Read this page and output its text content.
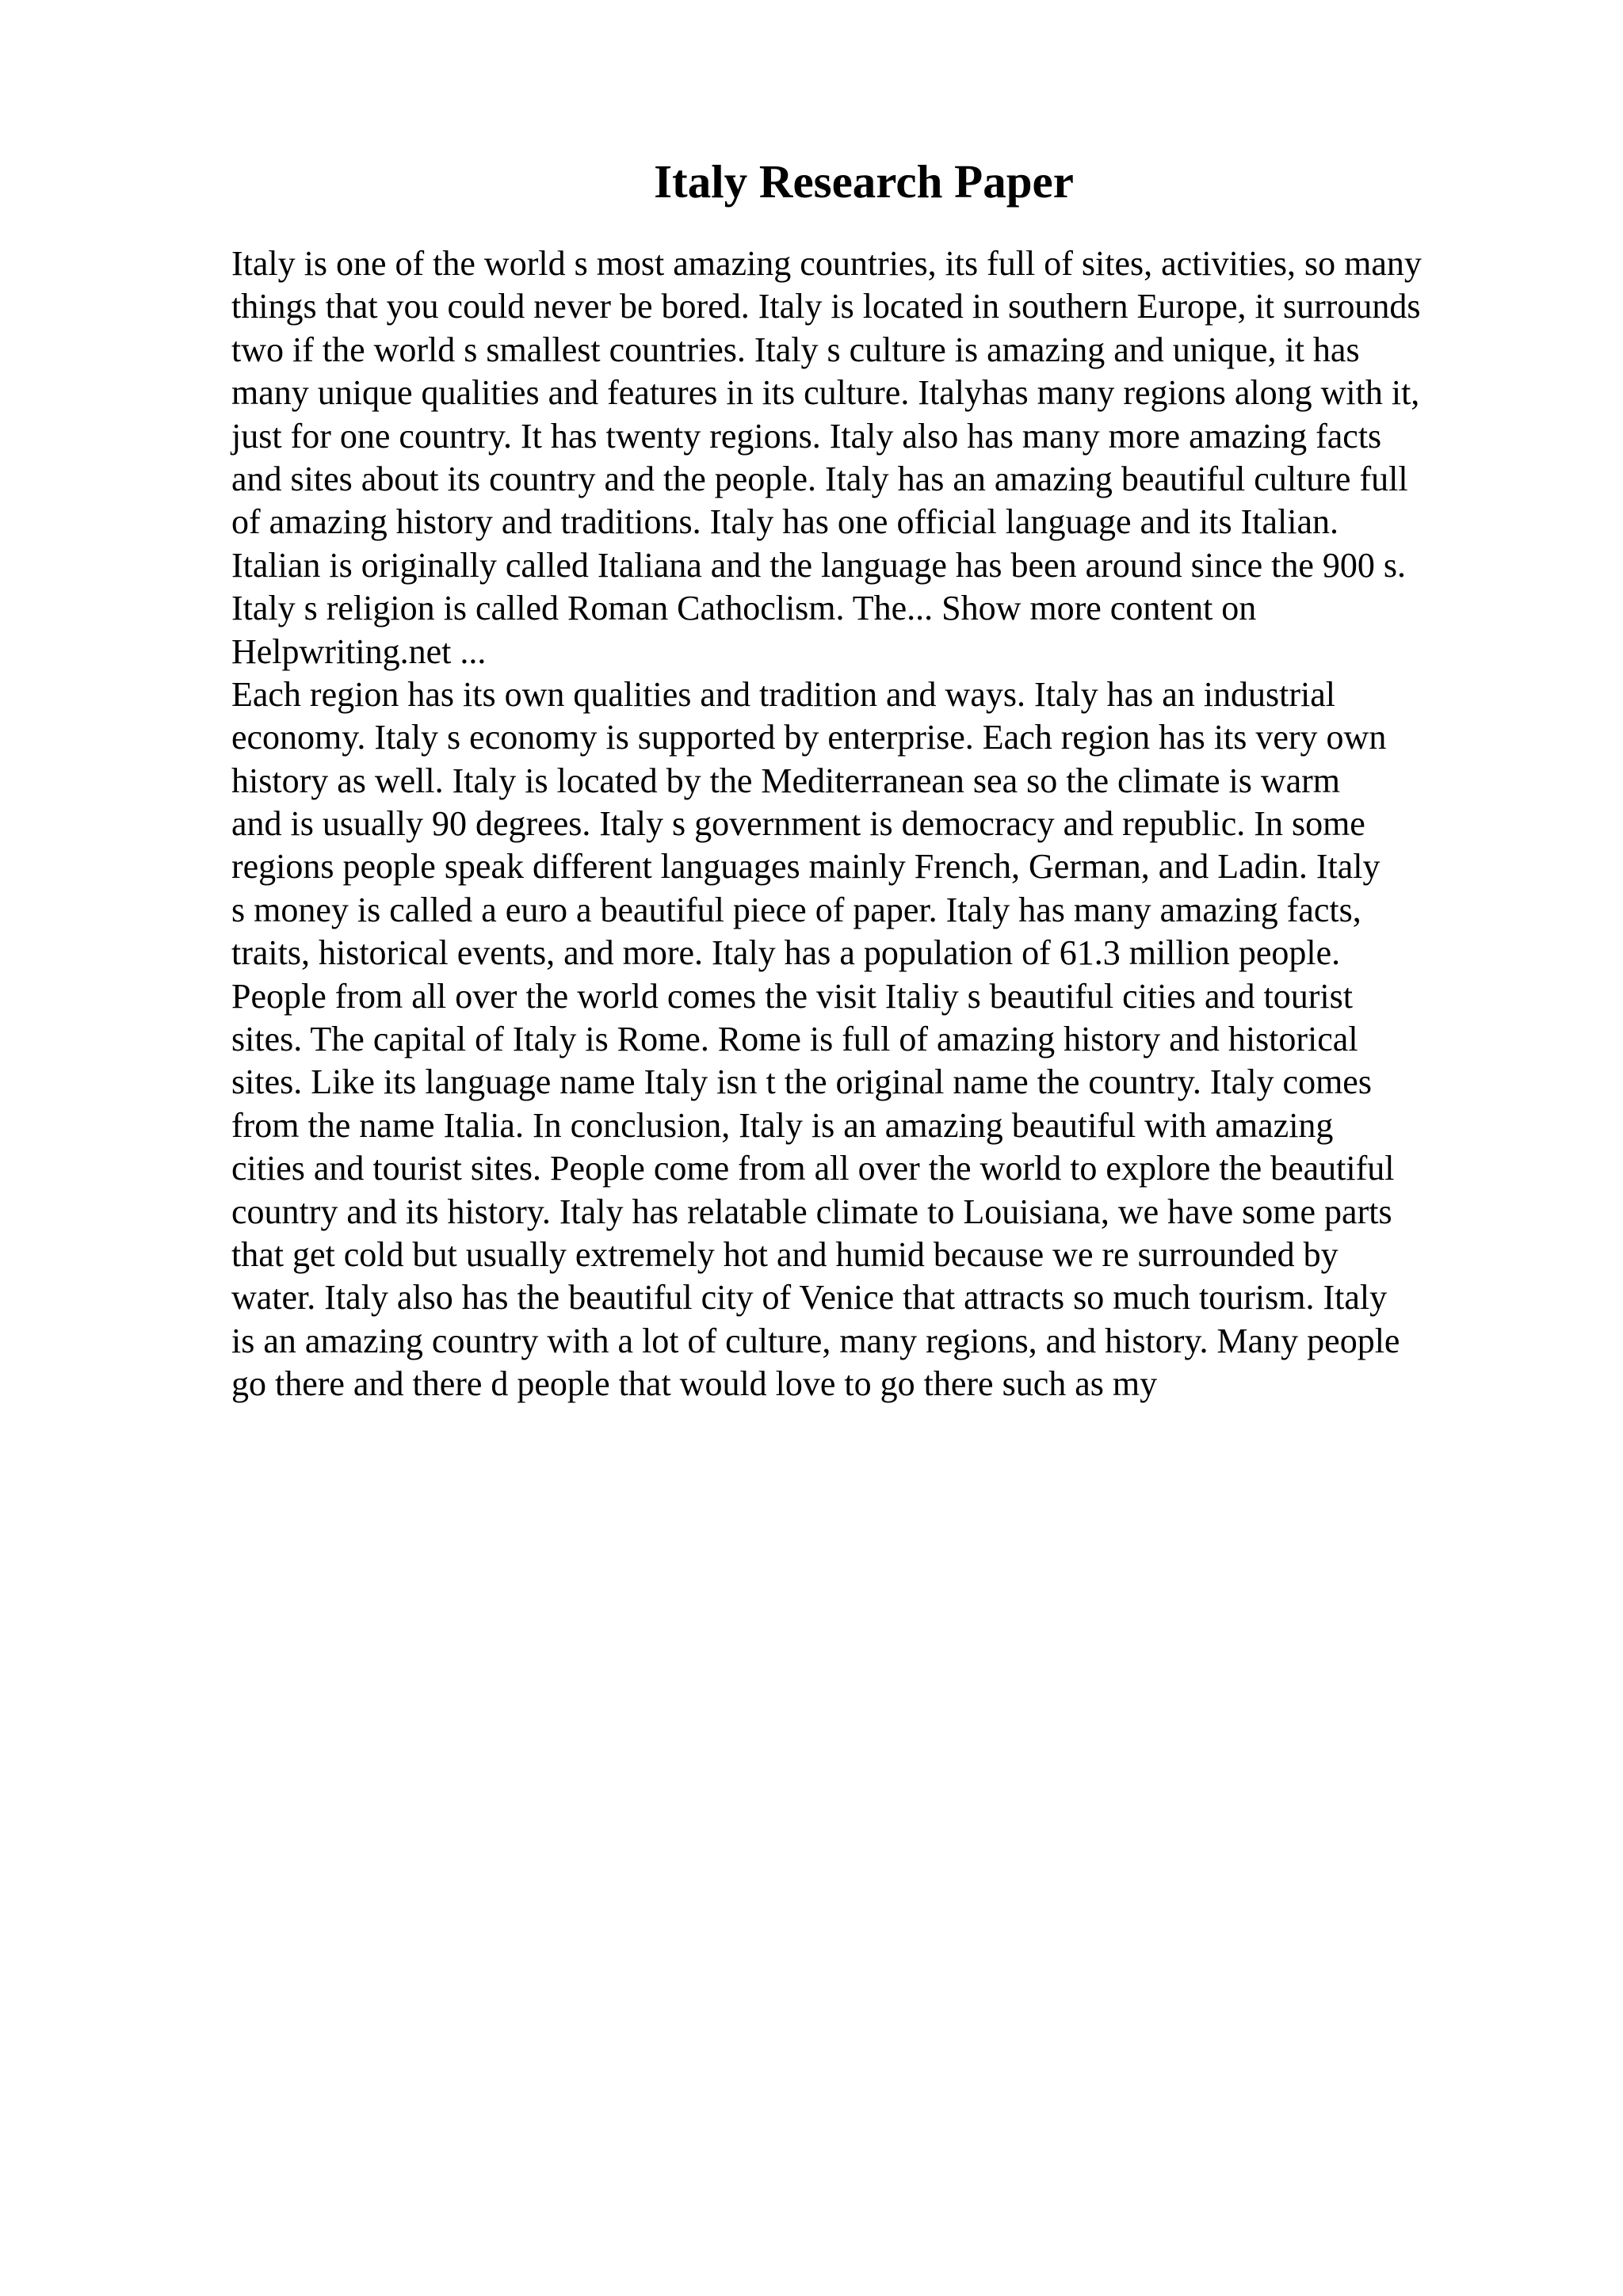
Italy Research Paper
Italy is one of the world s most amazing countries, its full of sites, activities, so many
things that you could never be bored. Italy is located in southern Europe, it surrounds
two if the world s smallest countries. Italy s culture is amazing and unique, it has
many unique qualities and features in its culture. Italyhas many regions along with it,
just for one country. It has twenty regions. Italy also has many more amazing facts
and sites about its country and the people. Italy has an amazing beautiful culture full
of amazing history and traditions. Italy has one official language and its Italian.
Italian is originally called Italiana and the language has been around since the 900 s.
Italy s religion is called Roman Cathoclism. The... Show more content on
Helpwriting.net ...
Each region has its own qualities and tradition and ways. Italy has an industrial
economy. Italy s economy is supported by enterprise. Each region has its very own
history as well. Italy is located by the Mediterranean sea so the climate is warm
and is usually 90 degrees. Italy s government is democracy and republic. In some
regions people speak different languages mainly French, German, and Ladin. Italy
s money is called a euro a beautiful piece of paper. Italy has many amazing facts,
traits, historical events, and more. Italy has a population of 61.3 million people.
People from all over the world comes the visit Italiy s beautiful cities and tourist
sites. The capital of Italy is Rome. Rome is full of amazing history and historical
sites. Like its language name Italy isn t the original name the country. Italy comes
from the name Italia. In conclusion, Italy is an amazing beautiful with amazing
cities and tourist sites. People come from all over the world to explore the beautiful
country and its history. Italy has relatable climate to Louisiana, we have some parts
that get cold but usually extremely hot and humid because we re surrounded by
water. Italy also has the beautiful city of Venice that attracts so much tourism. Italy
is an amazing country with a lot of culture, many regions, and history. Many people
go there and there d people that would love to go there such as my
